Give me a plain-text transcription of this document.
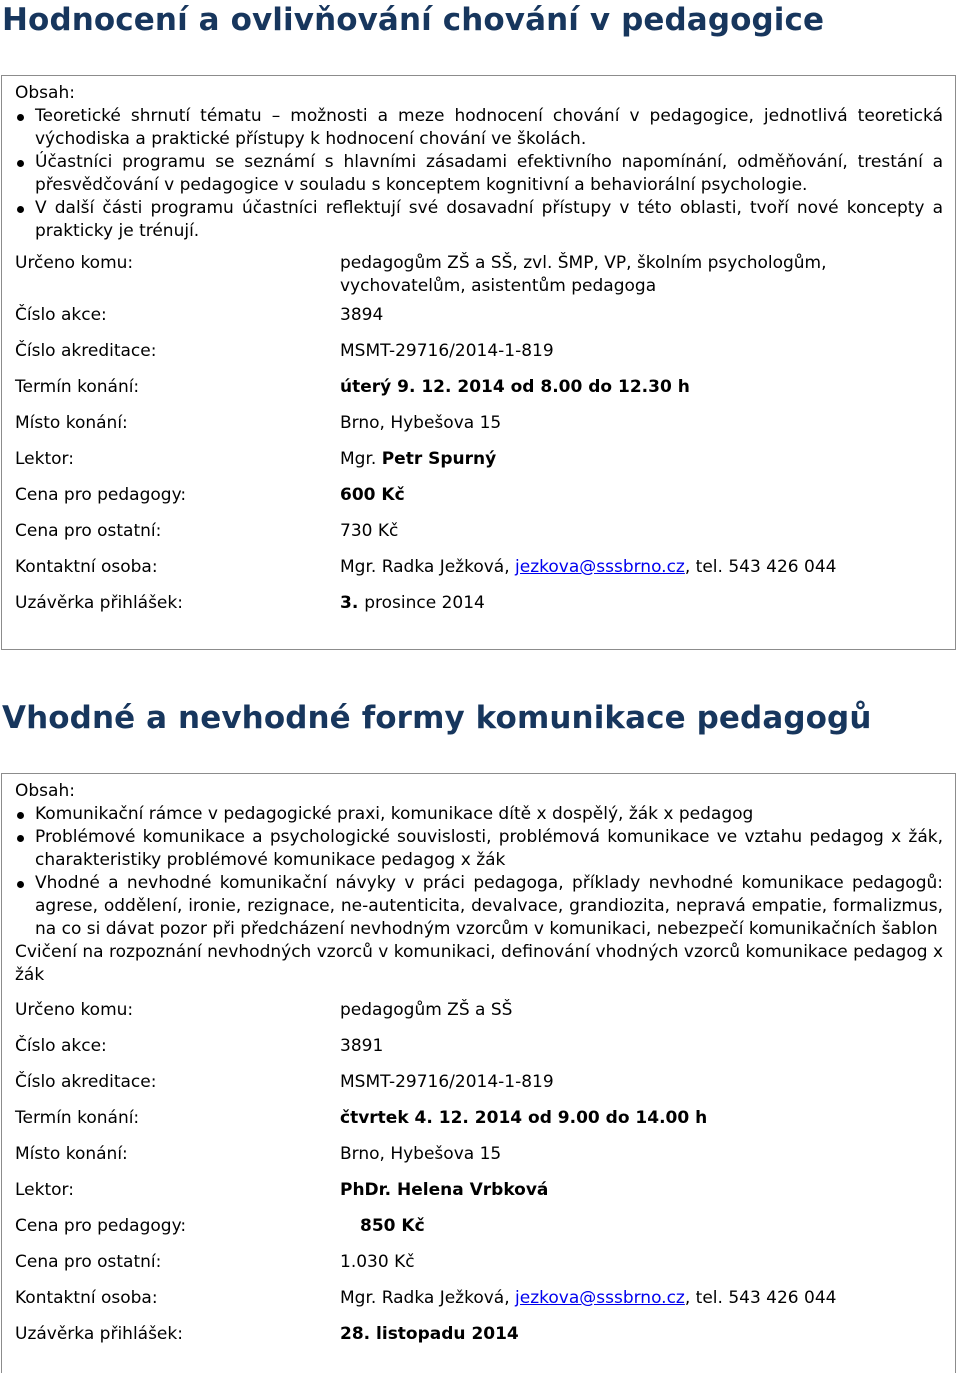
Hodnocení a ovlivňování chování v pedagogice
Obsah:
Teoretické shrnutí tématu – možnosti a meze hodnocení chování v pedagogice, jednotlivá teoretická východiska a praktické přístupy k hodnocení chování ve školách.
Účastníci programu se seznámí s hlavními zásadami efektivního napomínání, odměňování, trestání a přesvědčování v pedagogice v souladu s konceptem kognitivní a behaviorální psychologie.
V další části programu účastníci reflektují své dosavadní přístupy v této oblasti, tvoří nové koncepty a prakticky je trénují.
Určeno komu:	pedagogům ZŠ a SŠ, zvl. ŠMP, VP, školním psychologům, vychovatelům, asistentům pedagoga
Číslo akce:	3894
Číslo akreditace:	MSMT-29716/2014-1-819
Termín konání:	úterý 9. 12. 2014 od 8.00 do 12.30 h
Místo konání:	Brno, Hybešova 15
Lektor:	Mgr. Petr Spurný
Cena pro pedagogy:	600 Kč
Cena pro ostatní:	730 Kč
Kontaktní osoba:	Mgr. Radka Ježková, jezkova@sssbrno.cz, tel. 543 426 044
Uzávěrka přihlášek:	3. prosince 2014
Vhodné a nevhodné formy komunikace pedagogů
Obsah:
Komunikační rámce v pedagogické praxi, komunikace dítě x dospělý, žák x pedagog
Problémové komunikace a psychologické souvislosti, problémová komunikace ve vztahu pedagog x žák, charakteristiky problémové komunikace pedagog x žák
Vhodné a nevhodné komunikační návyky v práci pedagoga, příklady nevhodné komunikace pedagogů: agrese, oddělení, ironie, rezignace, ne-autenticita, devalvace, grandiozita, nepravá empatie, formalizmus, na co si dávat pozor při předcházení nevhodným vzorcům v komunikaci, nebezpečí komunikačních šablon
Cvičení na rozpoznání nevhodných vzorců v komunikaci, definování vhodných vzorců komunikace pedagog x žák
Určeno komu:	pedagogům ZŠ a SŠ
Číslo akce:	3891
Číslo akreditace:	MSMT-29716/2014-1-819
Termín konání:	čtvrtek 4. 12. 2014 od 9.00 do 14.00 h
Místo konání:	Brno, Hybešova 15
Lektor:	PhDr. Helena Vrbková
Cena pro pedagogy:	850 Kč
Cena pro ostatní:	1.030 Kč
Kontaktní osoba:	Mgr. Radka Ježková, jezkova@sssbrno.cz, tel. 543 426 044
Uzávěrka přihlášek:	28. listopadu 2014
